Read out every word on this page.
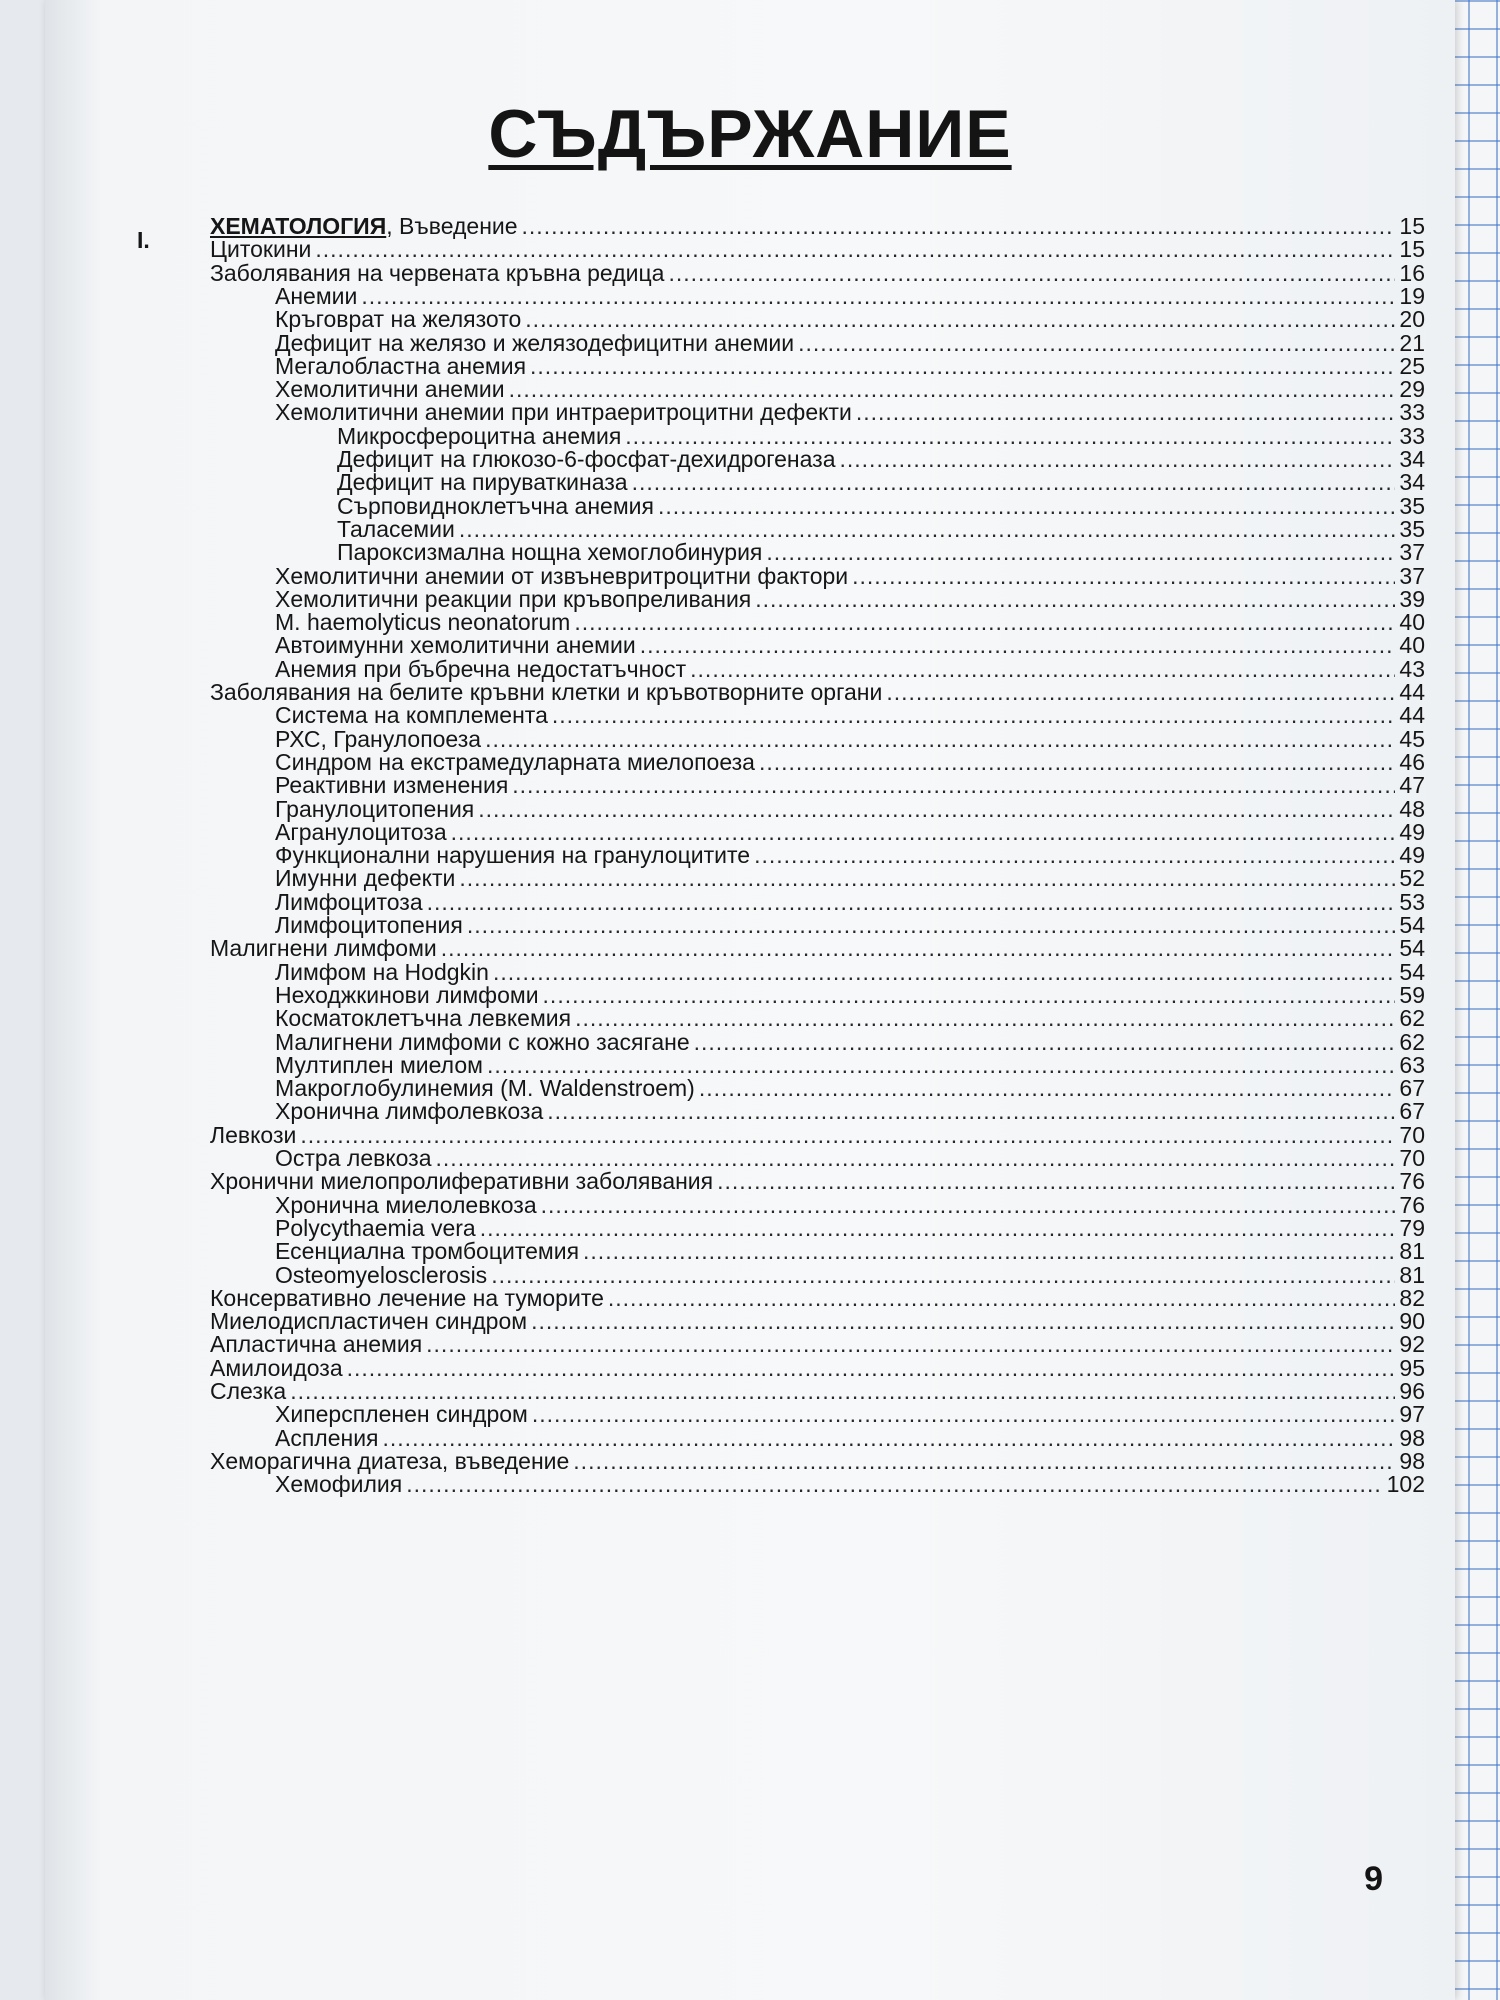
СЪДЪРЖАНИЕ
I.
ХЕМАТОЛОГИЯ, Въведение .....	15
Цитокини .....	15
Заболявания на червената кръвна редица .....	16
Анемии .....	19
Кръговрат на желязото .....	20
Дефицит на желязо и желязодефицитни анемии .....	21
Мегалобластна анемия .....	25
Хемолитични анемии .....	29
Хемолитични анемии при интраеритроцитни дефекти .....	33
Микросфероцитна анемия .....	33
Дефицит на глюкозо-6-фосфат-дехидрогеназа .....	34
Дефицит на пируваткиназа .....	34
Сърповидноклетъчна анемия .....	35
Таласемии .....	35
Пароксизмална нощна хемоглобинурия .....	37
Хемолитични анемии от извъневритроцитни фактори .....	37
Хемолитични реакции при кръвопреливания .....	39
M. haemolyticus neonatorum .....	40
Автоимунни хемолитични анемии .....	40
Анемия при бъбречна недостатъчност .....	43
Заболявания на белите кръвни клетки и кръвотворните органи .....	44
Система на комплемента .....	44
РХС, Гранулопоеза .....	45
Синдром на екстрамедуларната миелопоеза .....	46
Реактивни изменения .....	47
Гранулоцитопения .....	48
Агранулоцитоза .....	49
Функционални нарушения на гранулоцитите .....	49
Имунни дефекти .....	52
Лимфоцитоза .....	53
Лимфоцитопения .....	54
Малигнени лимфоми .....	54
Лимфом на Hodgkin .....	54
Неходжкинови лимфоми .....	59
Косматоклетъчна левкемия .....	62
Малигнени лимфоми с кожно засягане .....	62
Мултиплен миелом .....	63
Макроглобулинемия (M. Waldenstroem) .....	67
Хронична лимфолевкоза .....	67
Левкози .....	70
Остра левкоза .....	70
Хронични миелопролиферативни заболявания .....	76
Хронична миелолевкоза .....	76
Polycythaemia vera .....	79
Есенциална тромбоцитемия .....	81
Osteomyelosclerosis .....	81
Консервативно лечение на туморите .....	82
Миелодиспластичен синдром .....	90
Апластична анемия .....	92
Амилоидоза .....	95
Слезка .....	96
Хиперспленен синдром .....	97
Аспления .....	98
Хеморагична диатеза, въведение .....	98
Хемофилия .....	102
9
